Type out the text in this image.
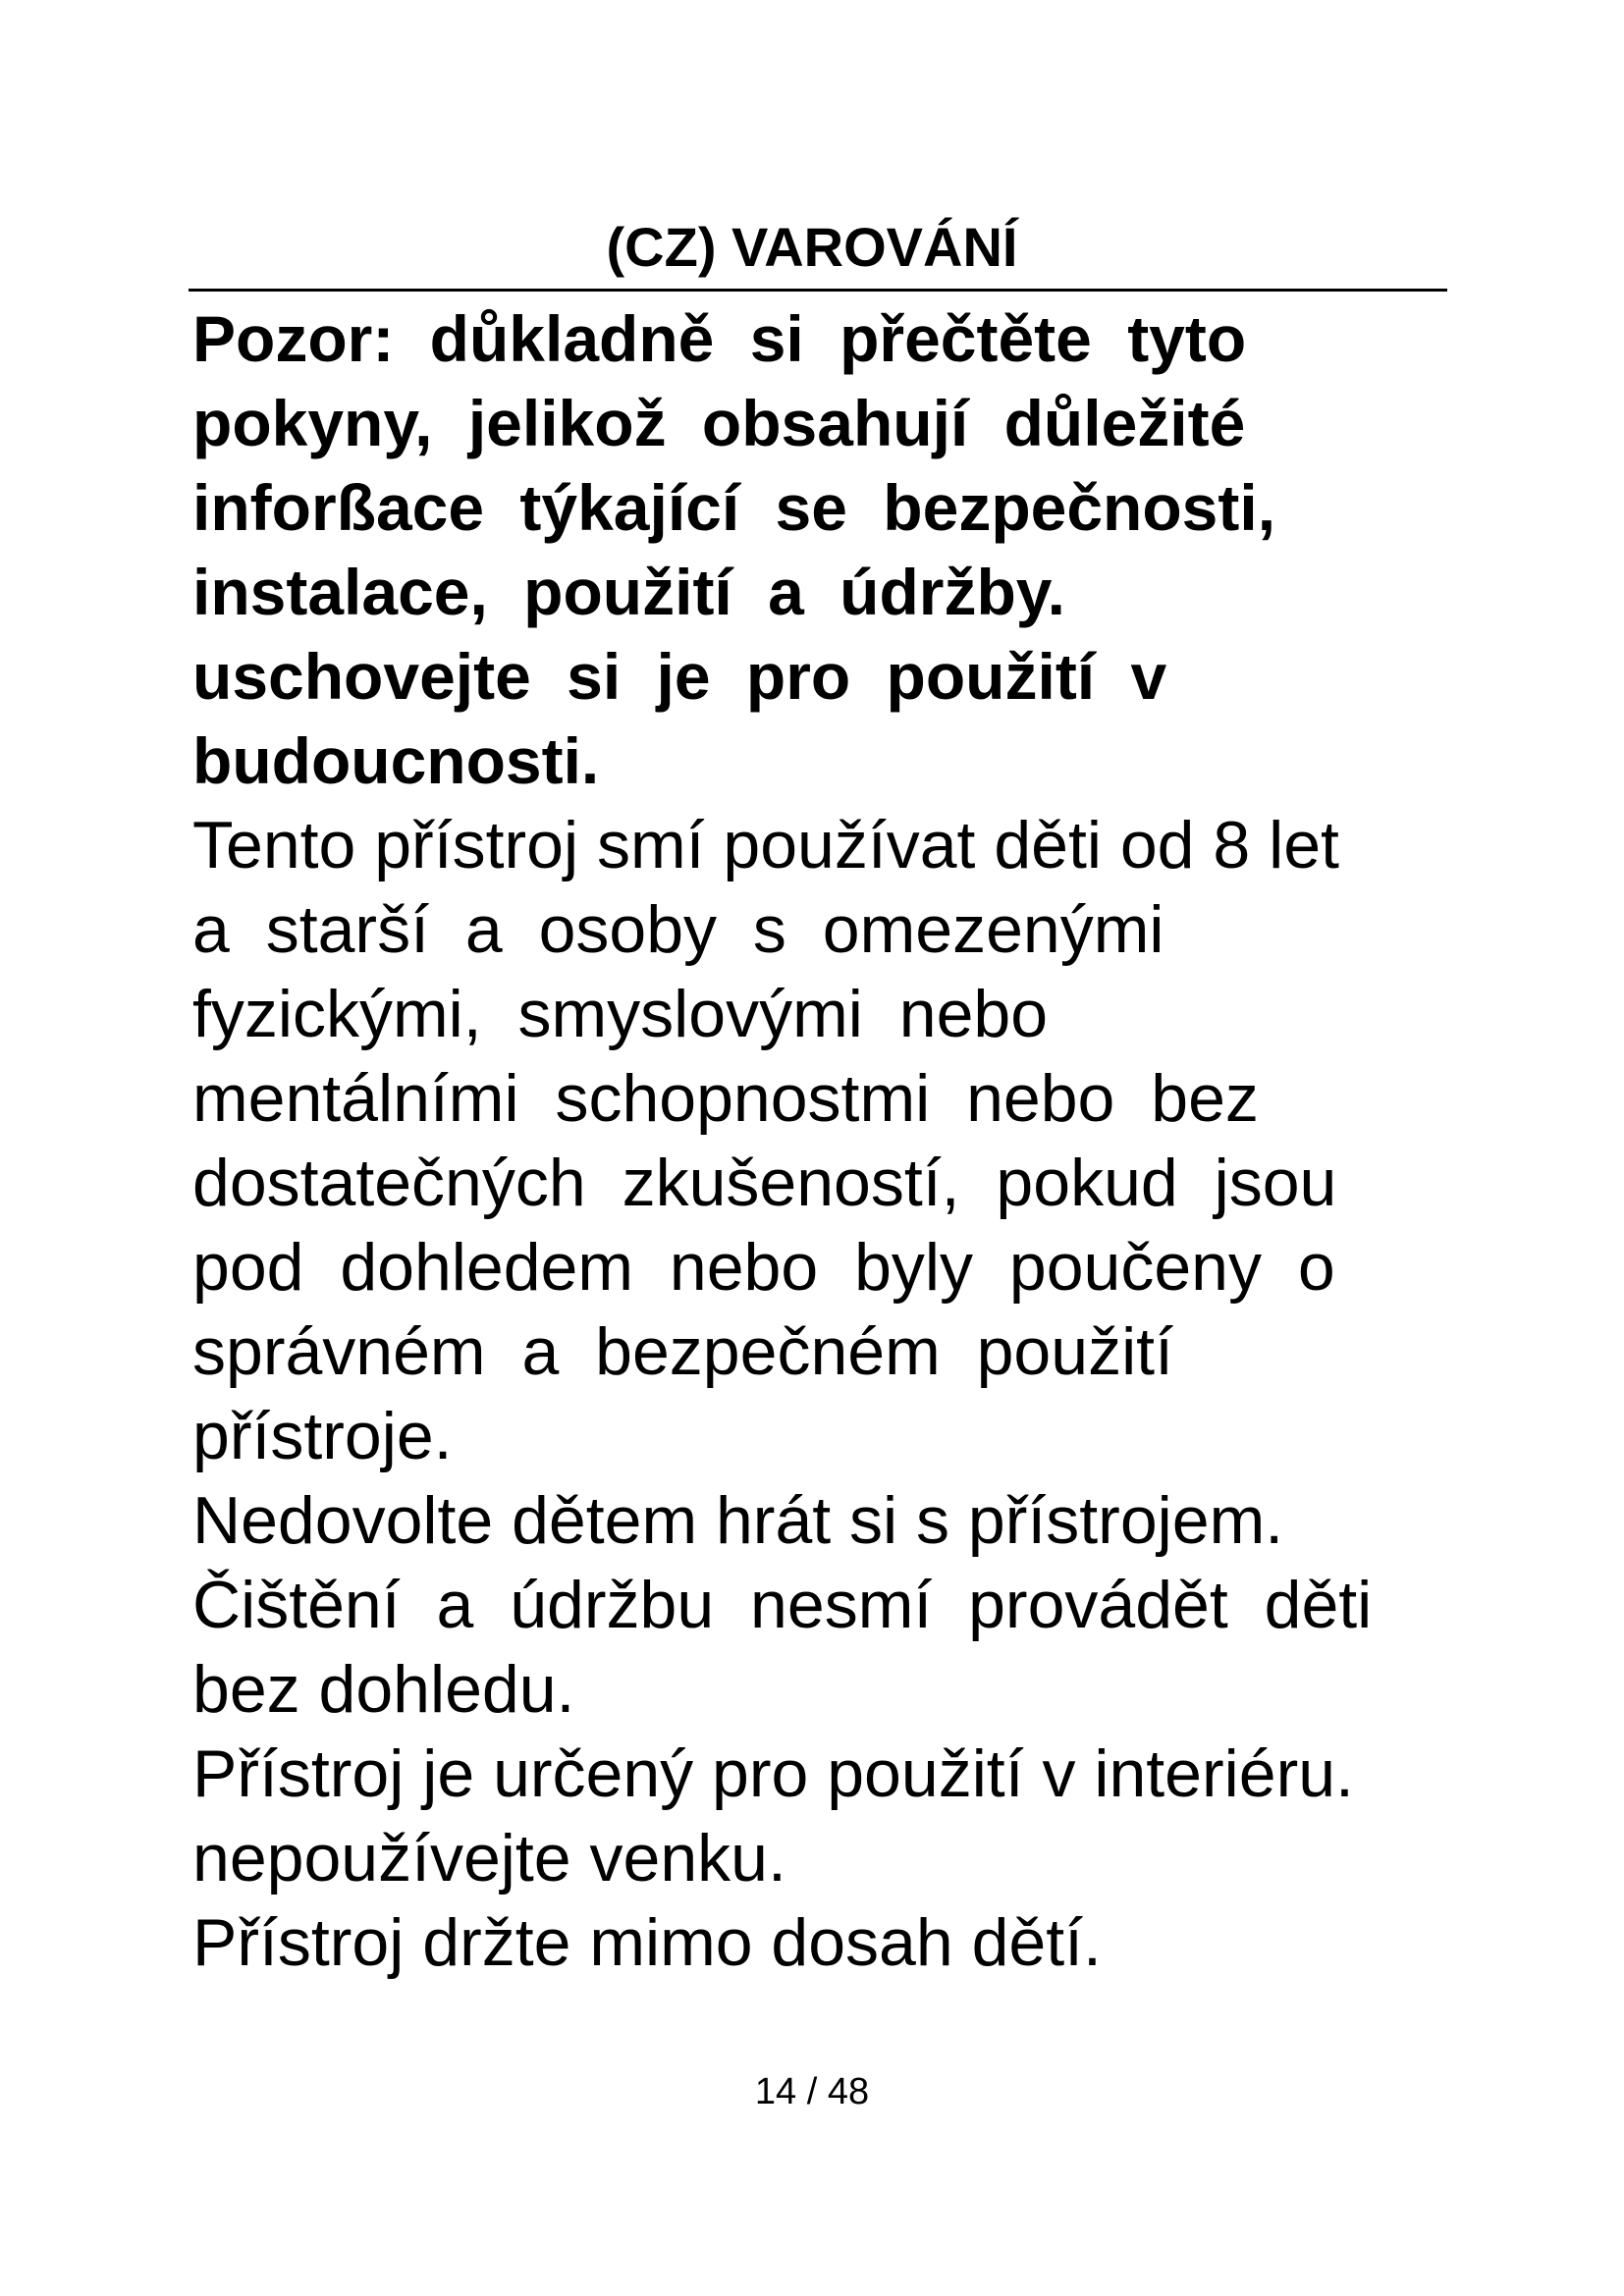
(CZ) VAROVÁNÍ
Pozor: důkladně si přečtěte tyto
pokyny, jelikož obsahují důležité
inforßace týkající se bezpečnosti,
instalace, použití a údržby.
uschovejte si je pro použití v
budoucnosti.
Tento přístroj smí používat děti od 8 let
a starší a osoby s omezenými
fyzickými, smyslovými nebo
mentálními schopnostmi nebo bez
dostatečných zkušeností, pokud jsou
pod dohledem nebo byly poučeny o
správném a bezpečném použití
přístroje.
Nedovolte dětem hrát si s přístrojem.
Čištění a údržbu nesmí provádět děti
bez dohledu.
Přístroj je určený pro použití v interiéru.
nepoužívejte venku.
Přístroj držte mimo dosah dětí.
14 / 48
